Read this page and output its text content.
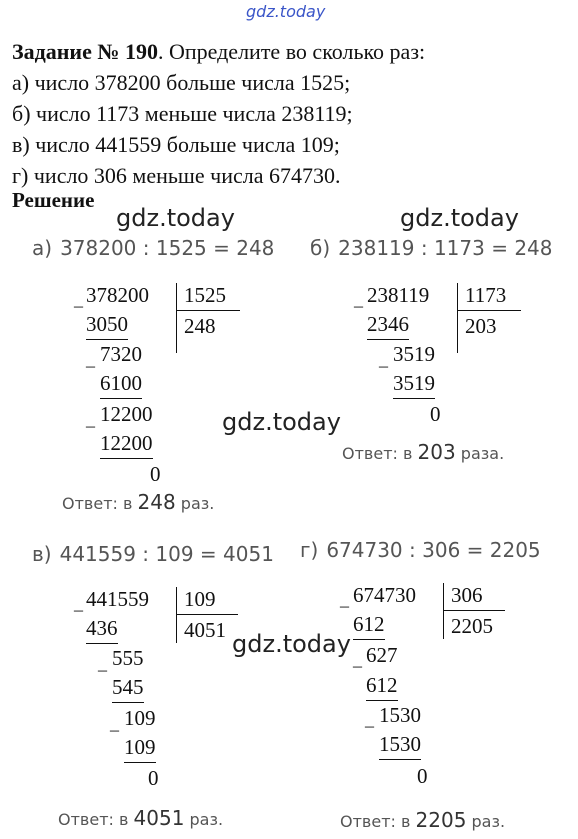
gdz.today
Задание № 190. Определите во сколько раз:
а) число 378200 больше числа 1525;
б) число 1173 меньше числа 238119;
в) число 441559 больше числа 109;
г) число 306 меньше числа 674730.
Решение
gdz.today	gdz.today
gdz.today
gdz.today
а) 378200 : 1525 = 248
_ 378200 1525
248
3050
_ 7320
6100
_ 12200
12200
0
Ответ: в 248 раз.
б) 238119 : 1173 = 248
_ 238119 1173
203
2346
_ 3519
3519
0
Ответ: в 203 раза.
в) 441559 : 109 = 4051
_ 441559 109
4051
436
_ 555
545
_ 109
109
0
Ответ: в 4051 раз.
г) 674730 : 306 = 2205
_ 674730 306
2205
612
_ 627
612
_ 1530
1530
0
Ответ: в 2205 раз.
